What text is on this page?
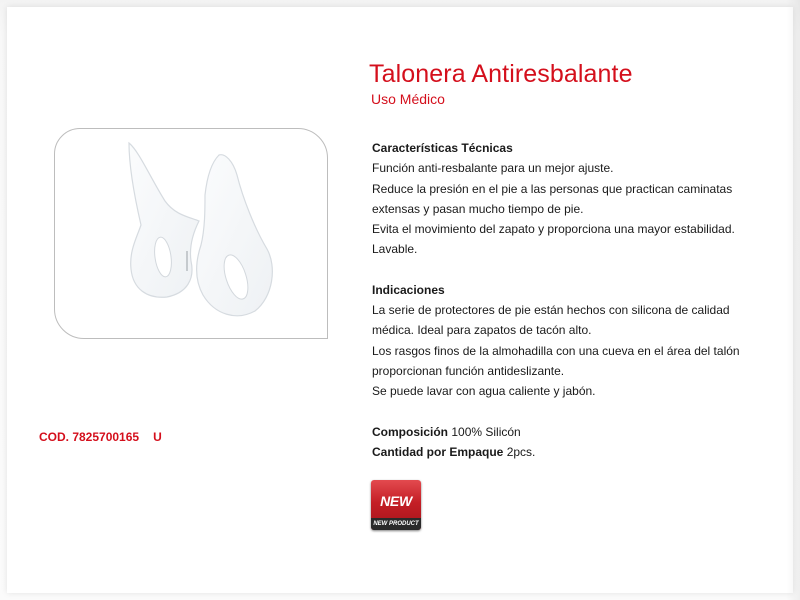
Talonera Antiresbalante
Uso Médico
COD. 7825700165 U
Características Técnicas
Función anti-resbalante para un mejor ajuste.
Reduce la presión en el pie a las personas que practican caminatas
extensas y pasan mucho tiempo de pie.
Evita el movimiento del zapato y proporciona una mayor estabilidad.
Lavable.
Indicaciones
La serie de protectores de pie están hechos con silicona de calidad
médica. Ideal para zapatos de tacón alto.
Los rasgos finos de la almohadilla con una cueva en el área del talón
proporcionan función antideslizante.
Se puede lavar con agua caliente y jabón.
Composición 100% Silicón
Cantidad por Empaque 2pcs.
NEW
NEW PRODUCT
